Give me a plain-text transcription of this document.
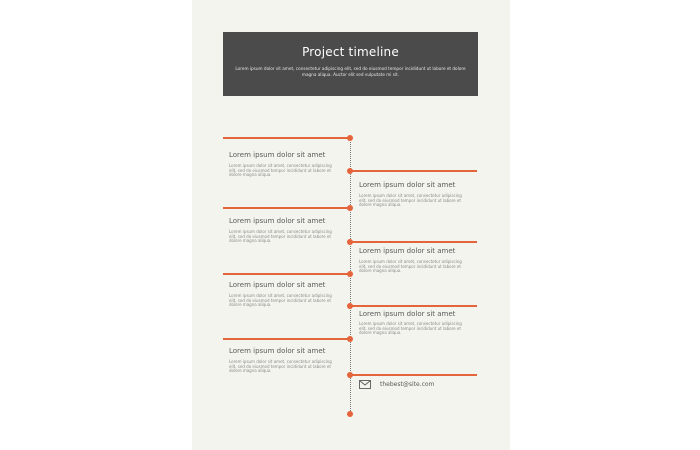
Project timeline
Lorem ipsum dolor sit amet, consectetur adipiscing elit, sed do eiusmod tempor incididunt ut labore et dolore magna aliqua. Auctor elit sed vulputate mi sit.
Lorem ipsum dolor sit amet
Lorem ipsum dolor sit amet, consectetur adipiscing elit, sed do eiusmod tempor incididunt ut labore et dolore magna aliqua.
Lorem ipsum dolor sit amet
Lorem ipsum dolor sit amet, consectetur adipiscing elit, sed do eiusmod tempor incididunt ut labore et dolore magna aliqua.
Lorem ipsum dolor sit amet
Lorem ipsum dolor sit amet, consectetur adipiscing elit, sed do eiusmod tempor incididunt ut labore et dolore magna aliqua.
Lorem ipsum dolor sit amet
Lorem ipsum dolor sit amet, consectetur adipiscing elit, sed do eiusmod tempor incididunt ut labore et dolore magna aliqua.
Lorem ipsum dolor sit amet
Lorem ipsum dolor sit amet, consectetur adipiscing elit, sed do eiusmod tempor incididunt ut labore et dolore magna aliqua.
Lorem ipsum dolor sit amet
Lorem ipsum dolor sit amet, consectetur adipiscing elit, sed do eiusmod tempor incididunt ut labore et dolore magna aliqua.
Lorem ipsum dolor sit amet
Lorem ipsum dolor sit amet, consectetur adipiscing elit, sed do eiusmod tempor incididunt ut labore et dolore magna aliqua.
thebest@site.com
